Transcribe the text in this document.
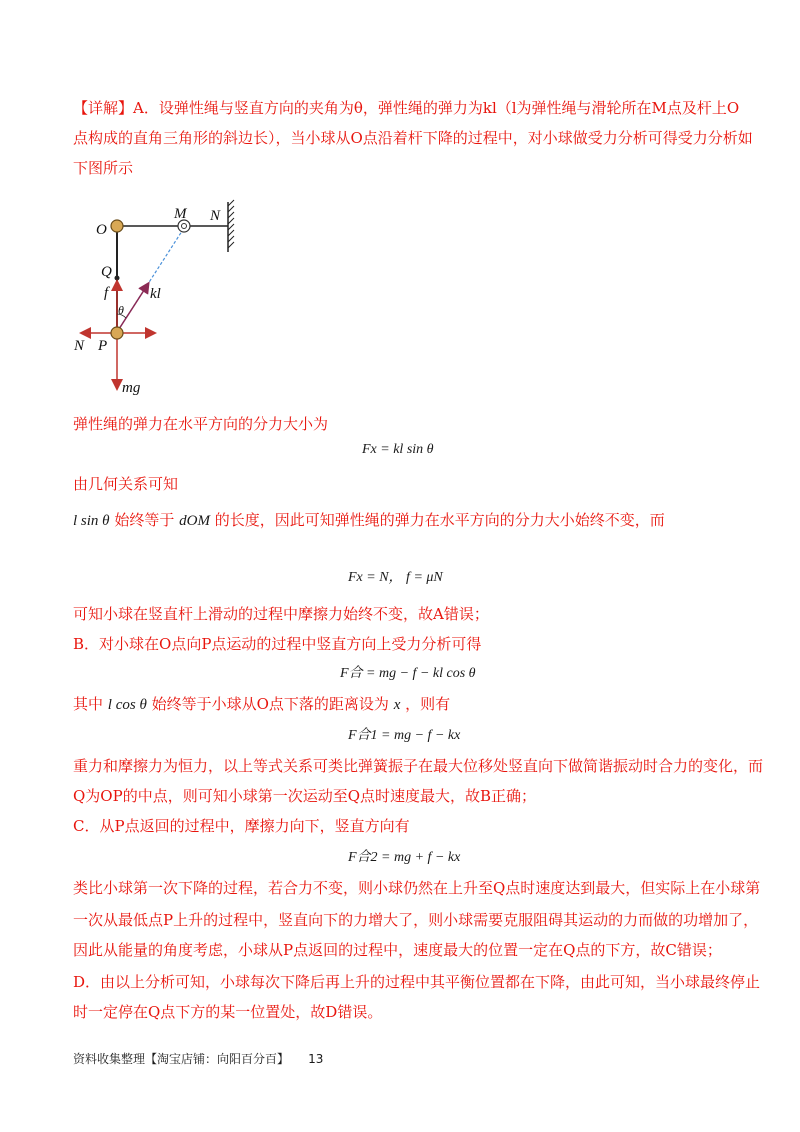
【详解】A．设弹性绳与竖直方向的夹角为θ，弹性绳的弹力为kl（l为弹性绳与滑轮所在M点及杆上O
点构成的直角三角形的斜边长），当小球从O点沿着杆下降的过程中，对小球做受力分析可得受力分析如
下图所示
O
M N
Q
f	kl
θ
N P
mg
弹性绳的弹力在水平方向的分力大小为
Fx = kl sin θ
由几何关系可知
l sin θ 始终等于 dOM 的长度，因此可知弹性绳的弹力在水平方向的分力大小始终不变，而
Fx = N， f = μN
可知小球在竖直杆上滑动的过程中摩擦力始终不变，故A错误；
B．对小球在O点向P点运动的过程中竖直方向上受力分析可得
F合 = mg − f − kl cos θ
其中 l cos θ 始终等于小球从O点下落的距离设为 x ，则有
F合1 = mg − f − kx
重力和摩擦力为恒力，以上等式关系可类比弹簧振子在最大位移处竖直向下做简谐振动时合力的变化，而
Q为OP的中点，则可知小球第一次运动至Q点时速度最大，故B正确；
C．从P点返回的过程中，摩擦力向下，竖直方向有
F合2 = mg + f − kx
类比小球第一次下降的过程，若合力不变，则小球仍然在上升至Q点时速度达到最大，但实际上在小球第
一次从最低点P上升的过程中，竖直向下的力增大了，则小球需要克服阻碍其运动的力而做的功增加了，
因此从能量的角度考虑，小球从P点返回的过程中，速度最大的位置一定在Q点的下方，故C错误；
D．由以上分析可知，小球每次下降后再上升的过程中其平衡位置都在下降，由此可知，当小球最终停止
时一定停在Q点下方的某一位置处，故D错误。
资料收集整理【淘宝店铺：向阳百分百】 13
